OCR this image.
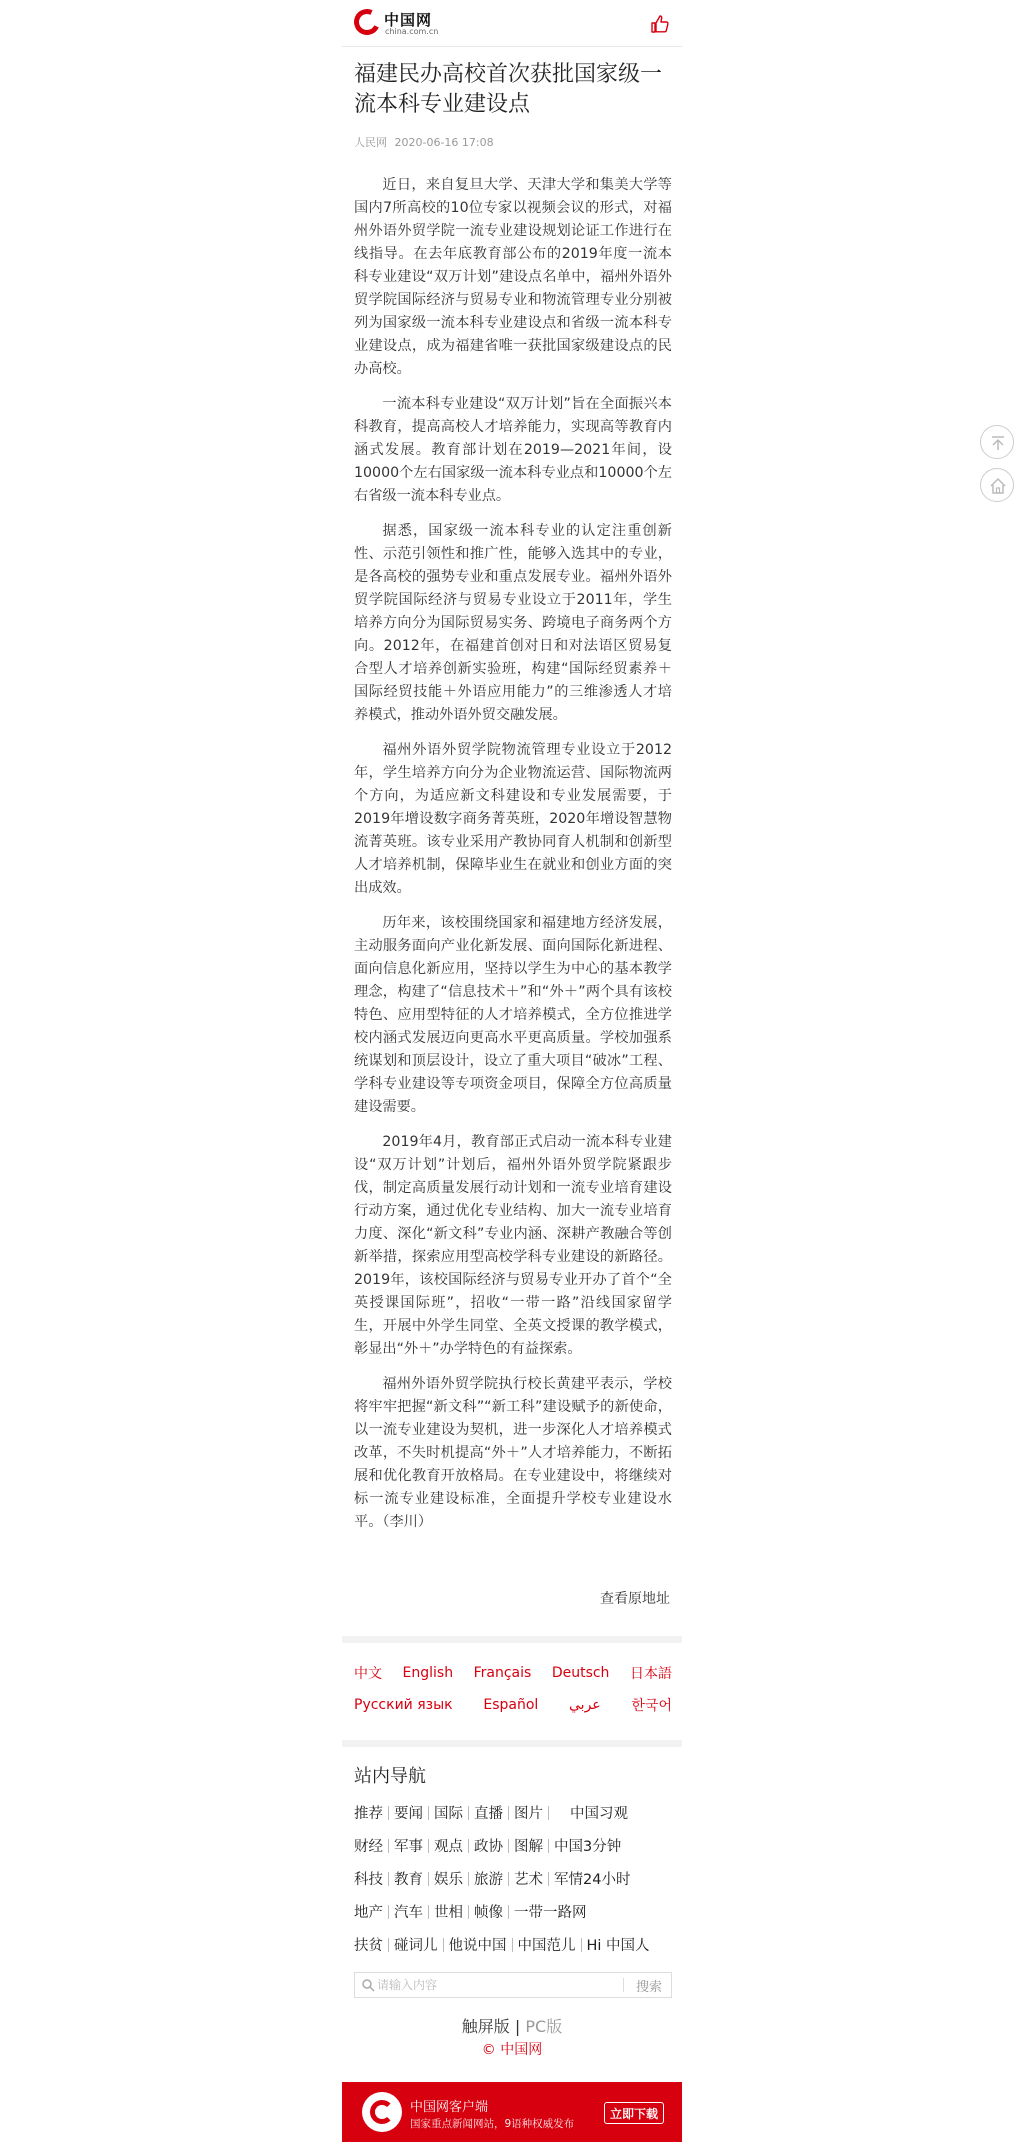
中国网
china.com.cn
福建民办高校首次获批国家级一流本科专业建设点
人民网 2020-06-16 17:08

近日，来自复旦大学、天津大学和集美大学等国内7所高校的10位专家以视频会议的形式，对福州外语外贸学院一流专业建设规划论证工作进行在线指导。在去年底教育部公布的2019年度一流本科专业建设“双万计划”建设点名单中，福州外语外贸学院国际经济与贸易专业和物流管理专业分别被列为国家级一流本科专业建设点和省级一流本科专业建设点，成为福建省唯一获批国家级建设点的民办高校。

一流本科专业建设“双万计划”旨在全面振兴本科教育，提高高校人才培养能力，实现高等教育内涵式发展。教育部计划在2019—2021年间，设10000个左右国家级一流本科专业点和10000个左右省级一流本科专业点。

据悉，国家级一流本科专业的认定注重创新性、示范引领性和推广性，能够入选其中的专业，是各高校的强势专业和重点发展专业。福州外语外贸学院国际经济与贸易专业设立于2011年，学生培养方向分为国际贸易实务、跨境电子商务两个方向。2012年，在福建首创对日和对法语区贸易复合型人才培养创新实验班，构建“国际经贸素养＋国际经贸技能＋外语应用能力”的三维渗透人才培养模式，推动外语外贸交融发展。

福州外语外贸学院物流管理专业设立于2012年，学生培养方向分为企业物流运营、国际物流两个方向，为适应新文科建设和专业发展需要，于2019年增设数字商务菁英班，2020年增设智慧物流菁英班。该专业采用产教协同育人机制和创新型人才培养机制，保障毕业生在就业和创业方面的突出成效。

历年来，该校围绕国家和福建地方经济发展，主动服务面向产业化新发展、面向国际化新进程、面向信息化新应用，坚持以学生为中心的基本教学理念，构建了“信息技术＋”和“外＋”两个具有该校特色、应用型特征的人才培养模式，全方位推进学校内涵式发展迈向更高水平更高质量。学校加强系统谋划和顶层设计，设立了重大项目“破冰”工程、学科专业建设等专项资金项目，保障全方位高质量建设需要。

2019年4月，教育部正式启动一流本科专业建设“双万计划”计划后，福州外语外贸学院紧跟步伐，制定高质量发展行动计划和一流专业培育建设行动方案，通过优化专业结构、加大一流专业培育力度、深化“新文科”专业内涵、深耕产教融合等创新举措，探索应用型高校学科专业建设的新路径。2019年，该校国际经济与贸易专业开办了首个“全英授课国际班”，招收“一带一路”沿线国家留学生，开展中外学生同堂、全英文授课的教学模式，彰显出“外＋”办学特色的有益探索。

福州外语外贸学院执行校长黄建平表示，学校将牢牢把握“新文科”“新工科”建设赋予的新使命，以一流专业建设为契机，进一步深化人才培养模式改革，不失时机提高“外＋”人才培养能力，不断拓展和优化教育开放格局。在专业建设中，将继续对标一流专业建设标准，全面提升学校专业建设水平。（李川）

查看原地址
中文 English Français Deutsch 日本語
Русский язык Español عربي 한국어
站内导航
推荐 要闻 国际 直播 图片 中国习观
财经 军事 观点 政协 图解 中国3分钟
科技 教育 娱乐 旅游 艺术 军情24小时
地产 汽车 世相 帧像 一带一路网
扶贫 碰词儿 他说中国 中国范儿 Hi 中国人
请输入内容
搜索
触屏版 | PC版
© 中国网
中国网客户端
国家重点新闻网站，9语种权威发布
立即下载
